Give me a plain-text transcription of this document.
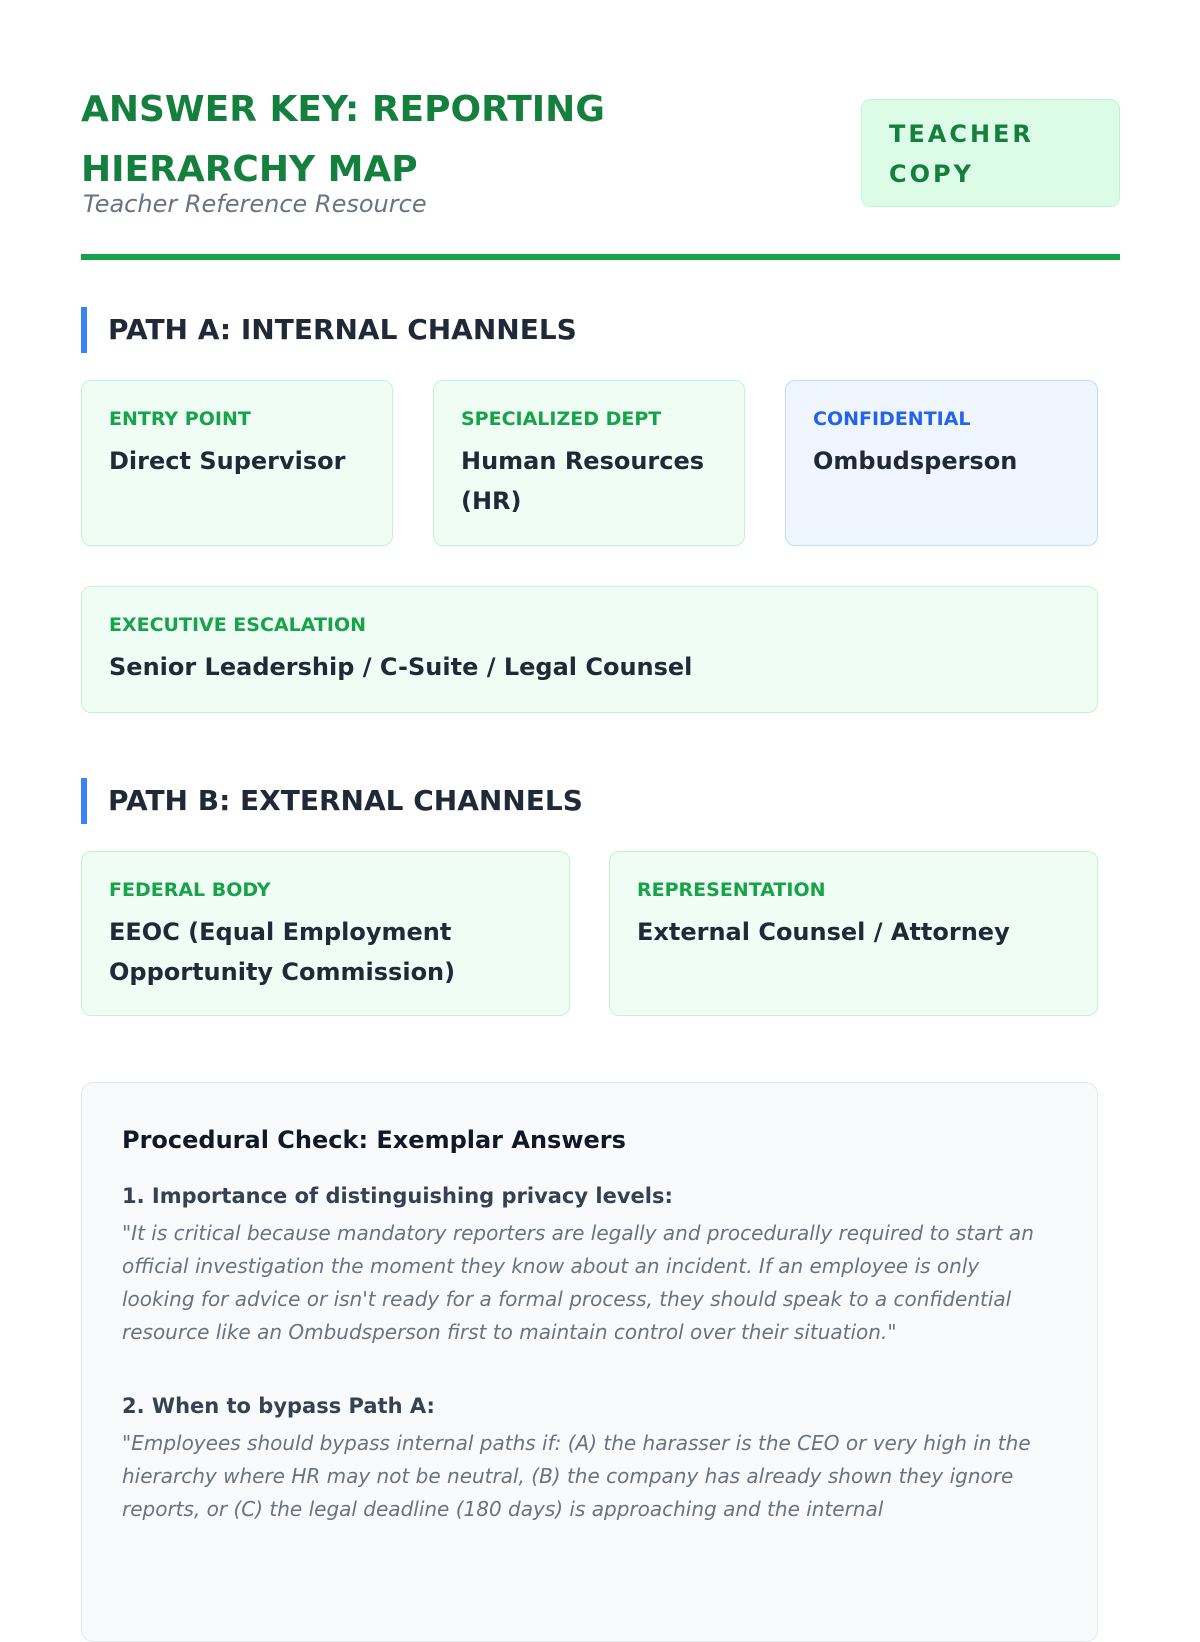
ANSWER KEY: REPORTING HIERARCHY MAP

Teacher Reference Resource

TEACHER COPY
PATH A: INTERNAL CHANNELS
ENTRY POINT
Direct Supervisor
SPECIALIZED DEPT
Human Resources (HR)
CONFIDENTIAL
Ombudsperson
EXECUTIVE ESCALATION
Senior Leadership / C-Suite / Legal Counsel
PATH B: EXTERNAL CHANNELS
FEDERAL BODY
EEOC (Equal Employment Opportunity Commission)
REPRESENTATION
External Counsel / Attorney
Procedural Check: Exemplar Answers

1. Importance of distinguishing privacy levels:

"It is critical because mandatory reporters are legally and procedurally required to start an official investigation the moment they know about an incident. If an employee is only looking for advice or isn't ready for a formal process, they should speak to a confidential resource like an Ombudsperson first to maintain control over their situation."

2. When to bypass Path A:

"Employees should bypass internal paths if: (A) the harasser is the CEO or very high in the hierarchy where HR may not be neutral, (B) the company has already shown they ignore reports, or (C) the legal deadline (180 days) is approaching and the internal
